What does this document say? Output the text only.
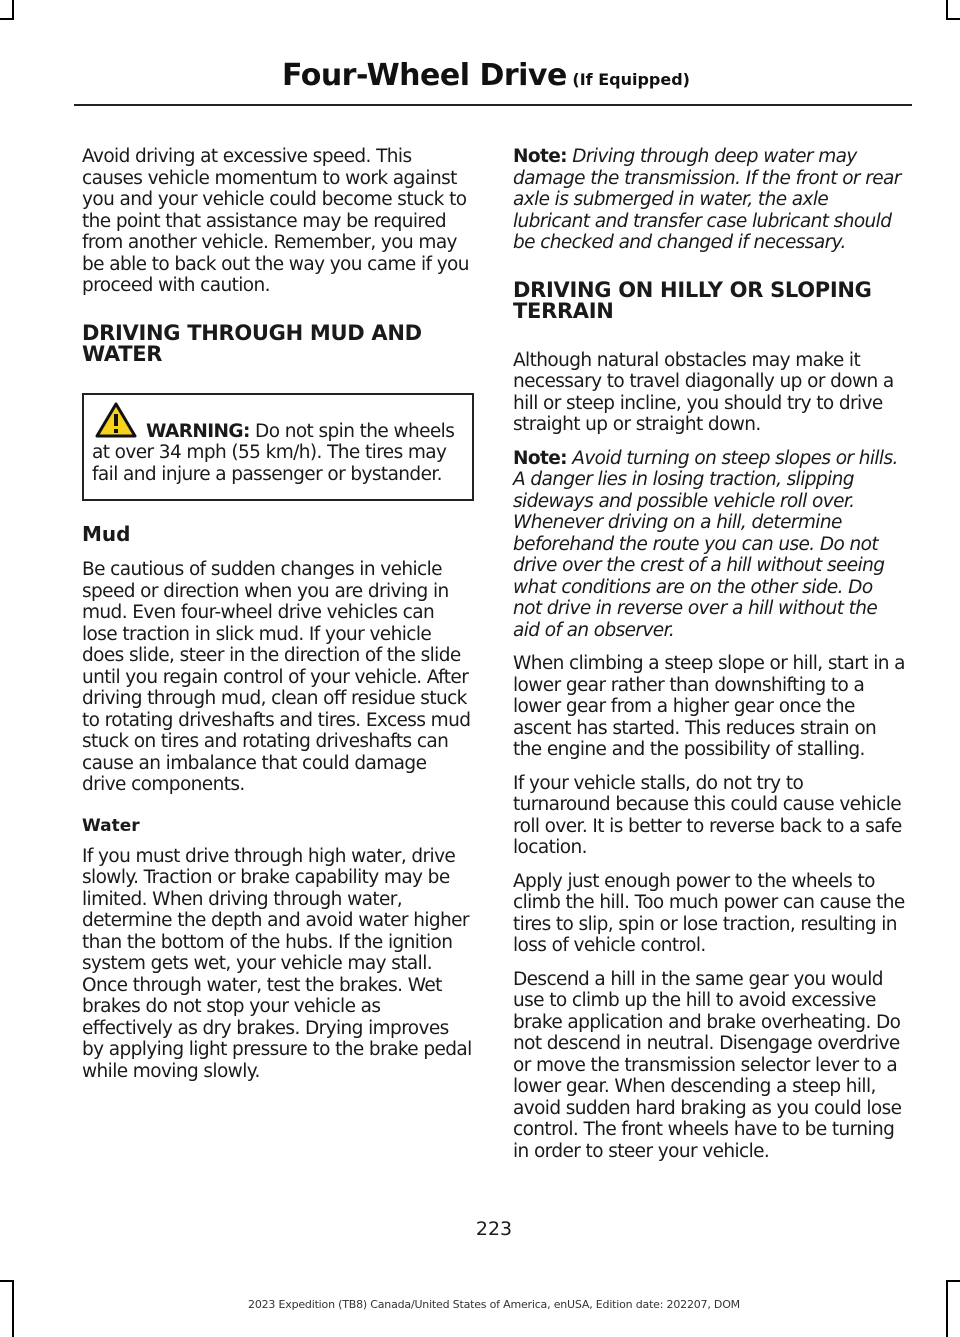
Four-Wheel Drive (If Equipped)

Avoid driving at excessive speed. This causes vehicle momentum to work against you and your vehicle could become stuck to the point that assistance may be required from another vehicle. Remember, you may be able to back out the way you came if you proceed with caution.

DRIVING THROUGH MUD AND WATER

WARNING: Do not spin the wheels at over 34 mph (55 km/h). The tires may fail and injure a passenger or bystander.

Mud

Be cautious of sudden changes in vehicle speed or direction when you are driving in mud. Even four-wheel drive vehicles can lose traction in slick mud. If your vehicle does slide, steer in the direction of the slide until you regain control of your vehicle. After driving through mud, clean off residue stuck to rotating driveshafts and tires. Excess mud stuck on tires and rotating driveshafts can cause an imbalance that could damage drive components.

Water

If you must drive through high water, drive slowly. Traction or brake capability may be limited. When driving through water, determine the depth and avoid water higher than the bottom of the hubs. If the ignition system gets wet, your vehicle may stall. Once through water, test the brakes. Wet brakes do not stop your vehicle as effectively as dry brakes. Drying improves by applying light pressure to the brake pedal while moving slowly.

Note: Driving through deep water may damage the transmission. If the front or rear axle is submerged in water, the axle lubricant and transfer case lubricant should be checked and changed if necessary.

DRIVING ON HILLY OR SLOPING TERRAIN

Although natural obstacles may make it necessary to travel diagonally up or down a hill or steep incline, you should try to drive straight up or straight down.

Note: Avoid turning on steep slopes or hills. A danger lies in losing traction, slipping sideways and possible vehicle roll over. Whenever driving on a hill, determine beforehand the route you can use. Do not drive over the crest of a hill without seeing what conditions are on the other side. Do not drive in reverse over a hill without the aid of an observer.

When climbing a steep slope or hill, start in a lower gear rather than downshifting to a lower gear from a higher gear once the ascent has started. This reduces strain on the engine and the possibility of stalling.

If your vehicle stalls, do not try to turnaround because this could cause vehicle roll over. It is better to reverse back to a safe location.

Apply just enough power to the wheels to climb the hill. Too much power can cause the tires to slip, spin or lose traction, resulting in loss of vehicle control.

Descend a hill in the same gear you would use to climb up the hill to avoid excessive brake application and brake overheating. Do not descend in neutral. Disengage overdrive or move the transmission selector lever to a lower gear. When descending a steep hill, avoid sudden hard braking as you could lose control. The front wheels have to be turning in order to steer your vehicle.

223
2023 Expedition (TB8) Canada/United States of America, enUSA, Edition date: 202207, DOM
